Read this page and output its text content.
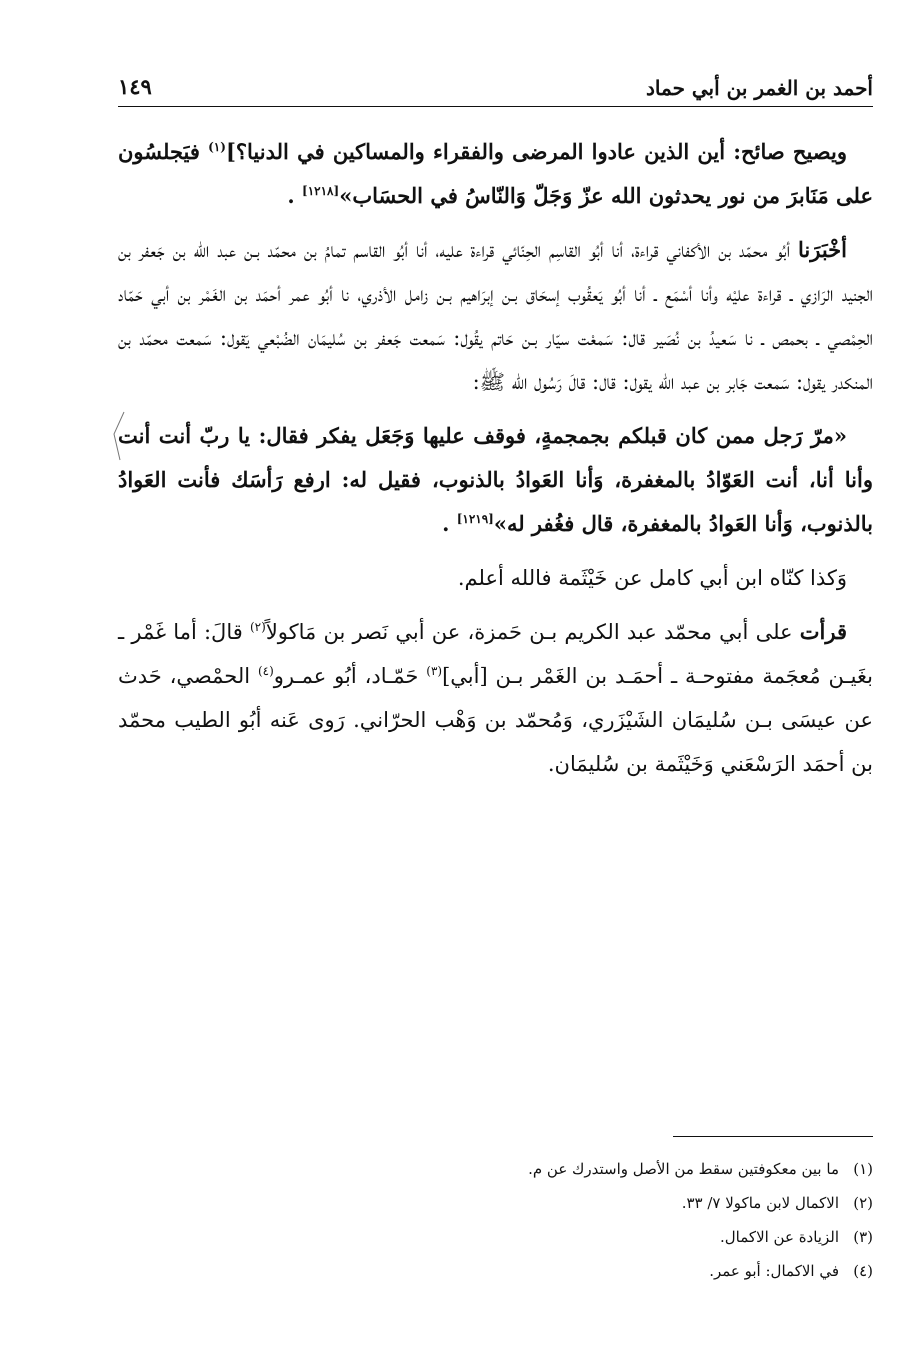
أحمد بن الغمر بن أبي حماد
١٤٩

ويصيح صائح: أين الذين عادوا المرضى والفقراء والمساكين في الدنيا؟]$^{(١)}$ فيَجلسُون على مَنَابرَ من نور يحدثون الله عزّ وَجَلّ وَالنّاسُ في الحسَاب»[١٢١٨] .

أخْبَرَنا أبُو محمّد بن الأكفاني قراءة، أنا أبُو القاسِم الحِنّائي قراءة عليه، أنا أبُو القاسم تمامُ بن محمّد بـن عبد الله بن جَعفر بن الجنيد الرَازي ـ قراءة عليْه وأنا أسْمَع ـ أنا أبُو يَعقُوب إسحَاق بـن إبرَاهيم بـن زامل الأذري، نا أبُو عمر أحمَد بن الغَمْر بن أبي حَمّاد الحِمْصي ـ بحمص ـ نا سَعيدُ بن نُصَير قال: سَمعْت سيّار بـن حَاتم يقُول: سَمعت جَعفر بن سُليمَان الضُبْعي يَقول: سَمعت محمّد بن المنكدر يقول: سَمعت جَابر بن عبد اللّه يقول: قال: قالَ رَسُول الله ﷺ:

«مرّ رَجل ممن كان قبلكم بجمجمةٍ، فوقف عليها وَجَعَل يفكر فقال: يا ربّ أنت أنت وأنا أنا، أنت العَوّادُ بالمغفرة، وَأنا العَوادُ بالذنوب، فقيل له: ارفع رَأسَك فأنت العَوادُ بالذنوب، وَأنا العَوادُ بالمغفرة، قال فغُفر له»[١٢١٩] .

وَكذا كنّاه ابن أبي كامل عن خَيْثَمة فالله أعلم.

قرأت على أبي محمّد عبد الكريم بـن حَمزة، عن أبي نَصر بن مَاكولاً$^{(٢)}$ قالَ: أما غَمْر ـ بغَيـن مُعجَمة مفتوحـة ـ أحمَـد بن الغَمْر بـن [أبي]$^{(٣)}$ حَمّـاد، أبُو عمـرو$^{(٤)}$ الحمْصي، حَدث عن عيسَى بـن سُليمَان الشَيْزَري، وَمُحمّد بن وَهْب الحرّاني. رَوى عَنه أبُو الطيب محمّد بن أحمَد الرَسْعَني وَخَيْثَمة بن سُليمَان.

(١)ما بين معكوفتين سقط من الأصل واستدرك عن م.
(٢)الاكمال لابن ماكولا ٧/ ٣٣.
(٣)الزيادة عن الاكمال.
(٤)في الاكمال: أبو عمر.
